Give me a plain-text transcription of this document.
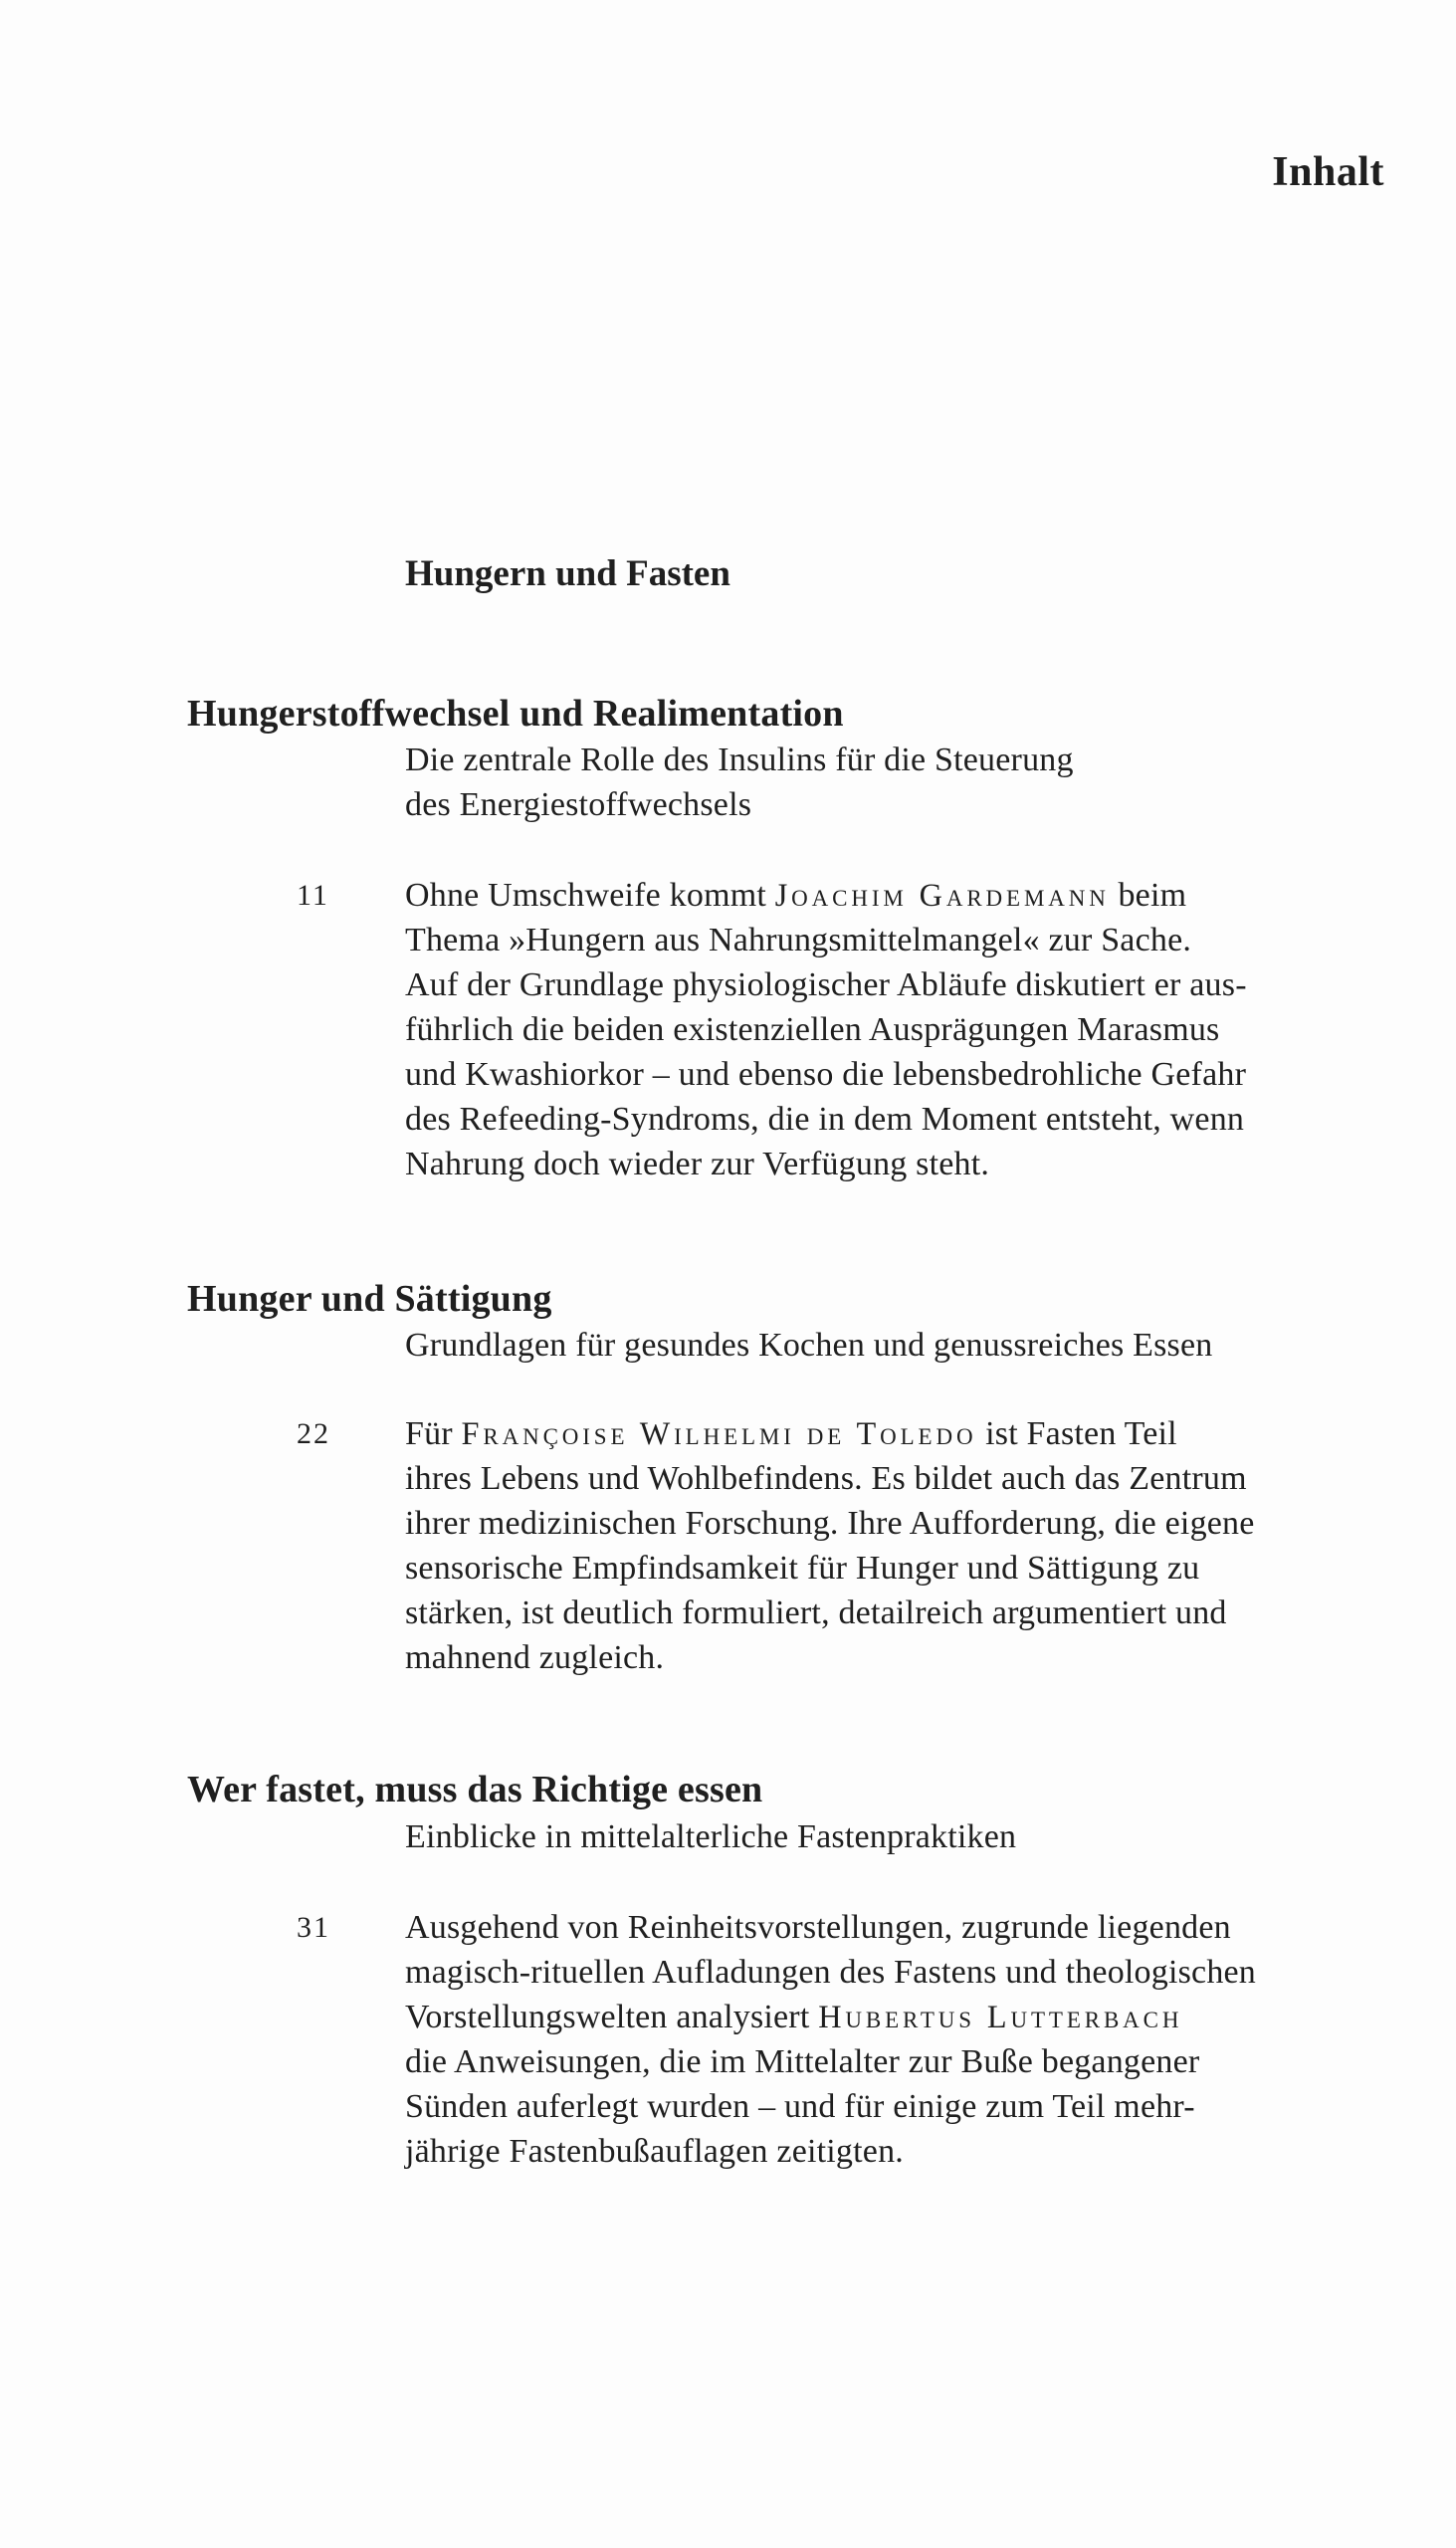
Inhalt
Hungern und Fasten
Hungerstoffwechsel und Realimentation
Die zentrale Rolle des Insulins für die Steuerung
des Energiestoffwechsels
11 Ohne Umschweife kommt Joachim Gardemann beim
Thema »Hungern aus Nahrungsmittelmangel« zur Sache.
Auf der Grundlage physiologischer Abläufe diskutiert er aus-
führlich die beiden existenziellen Ausprägungen Marasmus
und Kwashiorkor – und ebenso die lebensbedrohliche Gefahr
des Refeeding-Syndroms, die in dem Moment entsteht, wenn
Nahrung doch wieder zur Verfügung steht.
Hunger und Sättigung
Grundlagen für gesundes Kochen und genussreiches Essen
22 Für Françoise Wilhelmi de Toledo ist Fasten Teil
ihres Lebens und Wohlbefindens. Es bildet auch das Zentrum
ihrer medizinischen Forschung. Ihre Aufforderung, die eigene
sensorische Empfindsamkeit für Hunger und Sättigung zu
stärken, ist deutlich formuliert, detailreich argumentiert und
mahnend zugleich.
Wer fastet, muss das Richtige essen
Einblicke in mittelalterliche Fastenpraktiken
31 Ausgehend von Reinheitsvorstellungen, zugrunde liegenden
magisch-rituellen Aufladungen des Fastens und theologischen
Vorstellungswelten analysiert Hubertus Lutterbach
die Anweisungen, die im Mittelalter zur Buße begangener
Sünden auferlegt wurden – und für einige zum Teil mehr-
jährige Fastenbußauflagen zeitigten.
